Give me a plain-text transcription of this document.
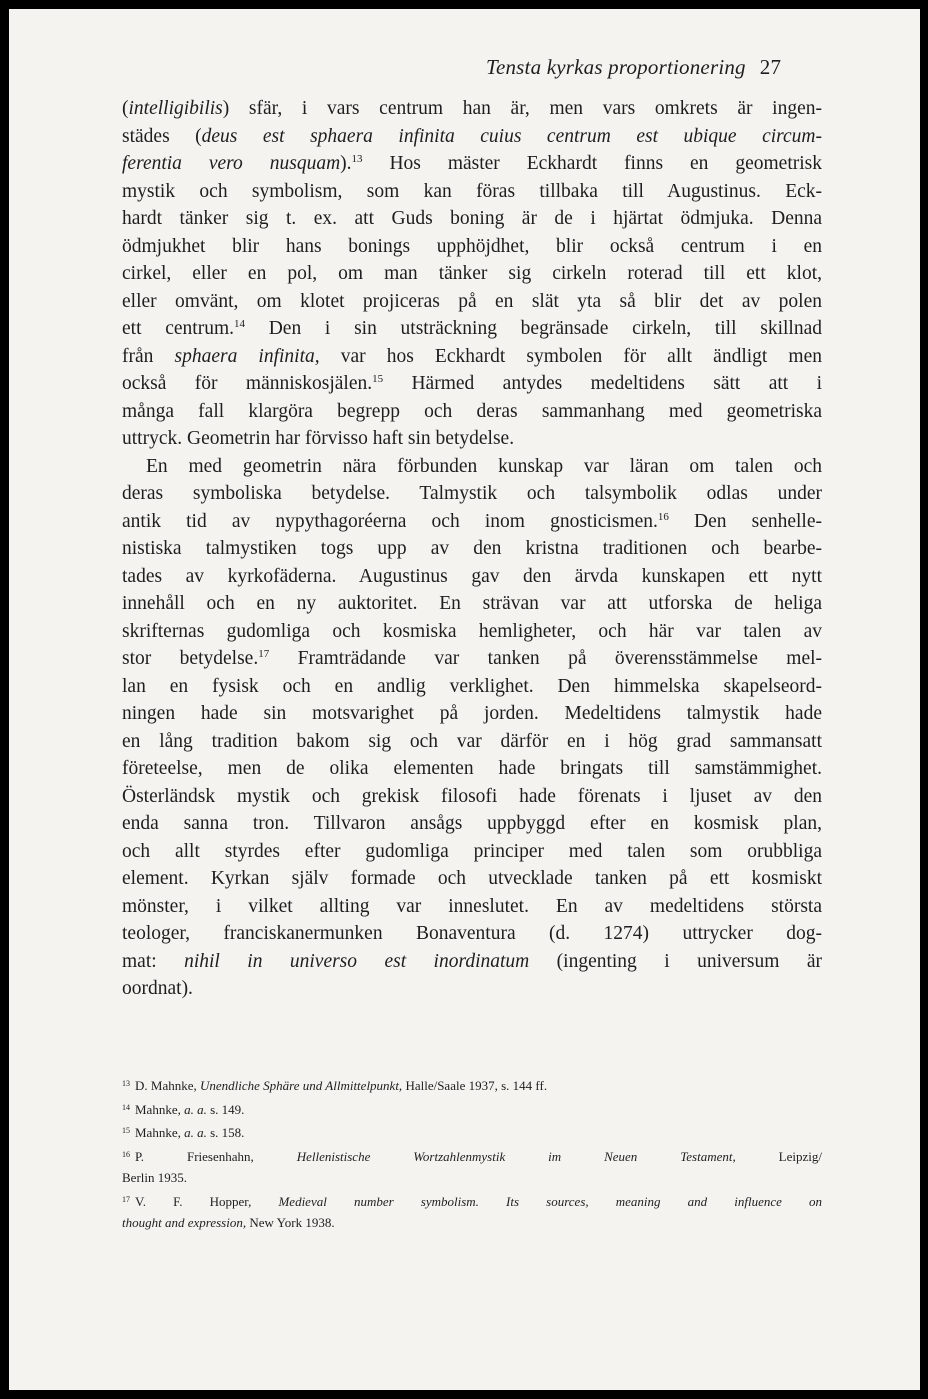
Tensta kyrkas proportionering 27
(intelligibilis) sfär, i vars centrum han är, men vars omkrets är ingen-
städes (deus est sphaera infinita cuius centrum est ubique circum-
ferentia vero nusquam).$^{13}$ Hos mäster Eckhardt finns en geometrisk
mystik och symbolism, som kan föras tillbaka till Augustinus. Eck-
hardt tänker sig t. ex. att Guds boning är de i hjärtat ödmjuka. Denna
ödmjukhet blir hans bonings upphöjdhet, blir också centrum i en
cirkel, eller en pol, om man tänker sig cirkeln roterad till ett klot,
eller omvänt, om klotet projiceras på en slät yta så blir det av polen
ett centrum.$^{14}$ Den i sin utsträckning begränsade cirkeln, till skillnad
från sphaera infinita, var hos Eckhardt symbolen för allt ändligt men
också för människosjälen.$^{15}$ Härmed antydes medeltidens sätt att i
många fall klargöra begrepp och deras sammanhang med geometriska
uttryck. Geometrin har förvisso haft sin betydelse.
En med geometrin nära förbunden kunskap var läran om talen och
deras symboliska betydelse. Talmystik och talsymbolik odlas under
antik tid av nypythagoréerna och inom gnosticismen.$^{16}$ Den senhelle-
nistiska talmystiken togs upp av den kristna traditionen och bearbe-
tades av kyrkofäderna. Augustinus gav den ärvda kunskapen ett nytt
innehåll och en ny auktoritet. En strävan var att utforska de heliga
skrifternas gudomliga och kosmiska hemligheter, och här var talen av
stor betydelse.$^{17}$ Framträdande var tanken på överensstämmelse mel-
lan en fysisk och en andlig verklighet. Den himmelska skapelseord-
ningen hade sin motsvarighet på jorden. Medeltidens talmystik hade
en lång tradition bakom sig och var därför en i hög grad sammansatt
företeelse, men de olika elementen hade bringats till samstämmighet.
Österländsk mystik och grekisk filosofi hade förenats i ljuset av den
enda sanna tron. Tillvaron ansågs uppbyggd efter en kosmisk plan,
och allt styrdes efter gudomliga principer med talen som orubbliga
element. Kyrkan själv formade och utvecklade tanken på ett kosmiskt
mönster, i vilket allting var inneslutet. En av medeltidens största
teologer, franciskanermunken Bonaventura (d. 1274) uttrycker dog-
mat: nihil in universo est inordinatum (ingenting i universum är
oordnat).
$^{13}$ D. Mahnke, Unendliche Sphäre und Allmittelpunkt, Halle/Saale 1937, s. 144 ff.
$^{14}$ Mahnke, a. a. s. 149.
$^{15}$ Mahnke, a. a. s. 158.
$^{16}$ P. Friesenhahn, Hellenistische Wortzahlenmystik im Neuen Testament, Leipzig/
Berlin 1935.
$^{17}$ V. F. Hopper, Medieval number symbolism. Its sources, meaning and influence on
thought and expression, New York 1938.
